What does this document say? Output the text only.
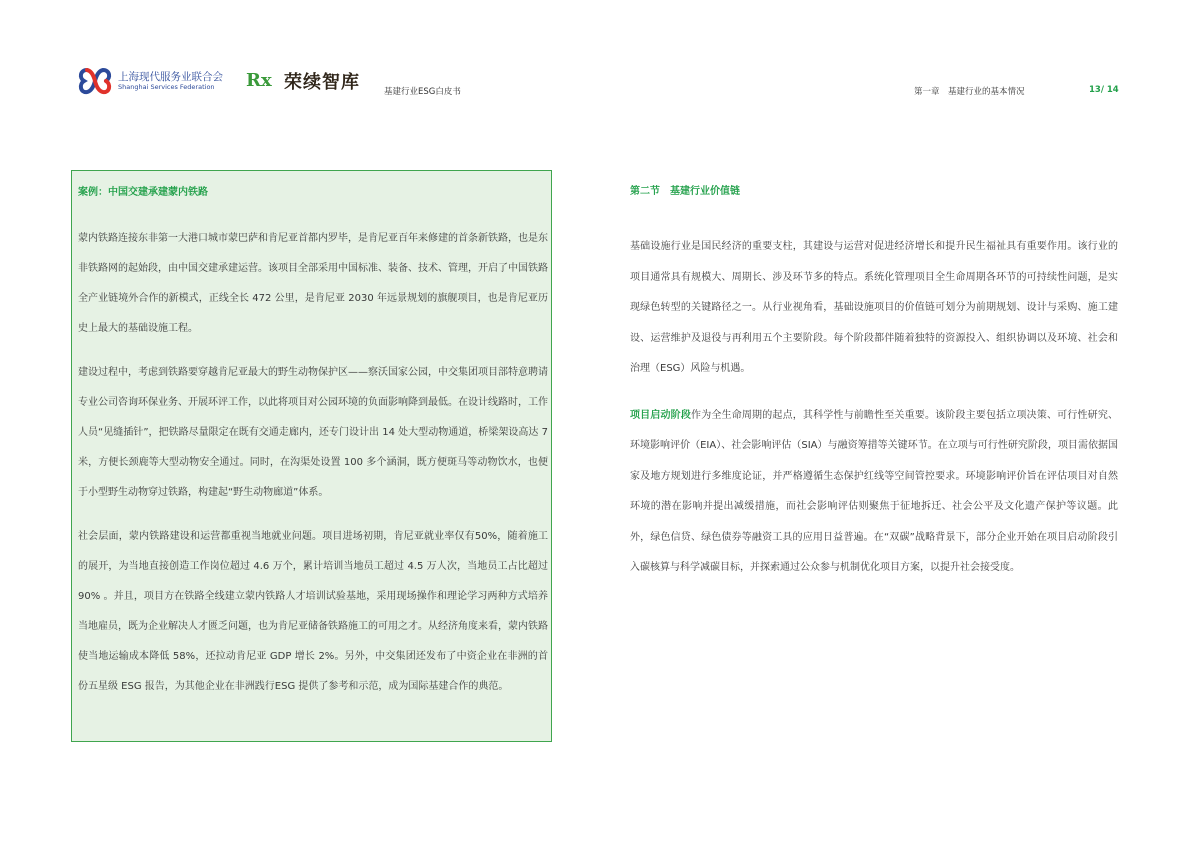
上海现代服务业联合会
Shanghai Services Federation Rx 荣续智库	基建行业ESG白皮书	第一章　基建行业的基本情况	13/ 14
案例：中国交建承建蒙内铁路

蒙内铁路连接东非第一大港口城市蒙巴萨和肯尼亚首都内罗毕，是肯尼亚百年来修建的首条新铁路，也是东非铁路网的起始段，由中国交建承建运营。该项目全部采用中国标准、装备、技术、管理，开启了中国铁路全产业链境外合作的新模式，正线全长 472 公里，是肯尼亚 2030 年远景规划的旗舰项目，也是肯尼亚历史上最大的基础设施工程。

建设过程中，考虑到铁路要穿越肯尼亚最大的野生动物保护区——察沃国家公园，中交集团项目部特意聘请专业公司咨询环保业务、开展环评工作，以此将项目对公园环境的负面影响降到最低。在设计线路时，工作人员“见缝插针”，把铁路尽量限定在既有交通走廊内，还专门设计出 14 处大型动物通道，桥梁架设高达 7 米，方便长颈鹿等大型动物安全通过。同时，在沟渠处设置 100 多个涵洞，既方便斑马等动物饮水，也便于小型野生动物穿过铁路，构建起“野生动物廊道”体系。

社会层面，蒙内铁路建设和运营都重视当地就业问题。项目进场初期，肯尼亚就业率仅有50%，随着施工的展开，为当地直接创造工作岗位超过 4.6 万个，累计培训当地员工超过 4.5 万人次，当地员工占比超过 90% 。并且，项目方在铁路全线建立蒙内铁路人才培训试验基地，采用现场操作和理论学习两种方式培养当地雇员，既为企业解决人才匮乏问题，也为肯尼亚储备铁路施工的可用之才。从经济角度来看，蒙内铁路使当地运输成本降低 58%，还拉动肯尼亚 GDP 增长 2%。另外，中交集团还发布了中资企业在非洲的首份五星级 ESG 报告，为其他企业在非洲践行ESG 提供了参考和示范，成为国际基建合作的典范。

第二节　基建行业价值链

基础设施行业是国民经济的重要支柱，其建设与运营对促进经济增长和提升民生福祉具有重要作用。该行业的项目通常具有规模大、周期长、涉及环节多的特点。系统化管理项目全生命周期各环节的可持续性问题，是实现绿色转型的关键路径之一。从行业视角看，基础设施项目的价值链可划分为前期规划、设计与采购、施工建设、运营维护及退役与再利用五个主要阶段。每个阶段都伴随着独特的资源投入、组织协调以及环境、社会和治理（ESG）风险与机遇。

项目启动阶段作为全生命周期的起点，其科学性与前瞻性至关重要。该阶段主要包括立项决策、可行性研究、环境影响评价（EIA）、社会影响评估（SIA）与融资筹措等关键环节。在立项与可行性研究阶段，项目需依据国家及地方规划进行多维度论证，并严格遵循生态保护红线等空间管控要求。环境影响评价旨在评估项目对自然环境的潜在影响并提出减缓措施，而社会影响评估则聚焦于征地拆迁、社会公平及文化遗产保护等议题。此外，绿色信贷、绿色债券等融资工具的应用日益普遍。在“双碳”战略背景下，部分企业开始在项目启动阶段引入碳核算与科学减碳目标，并探索通过公众参与机制优化项目方案，以提升社会接受度。
